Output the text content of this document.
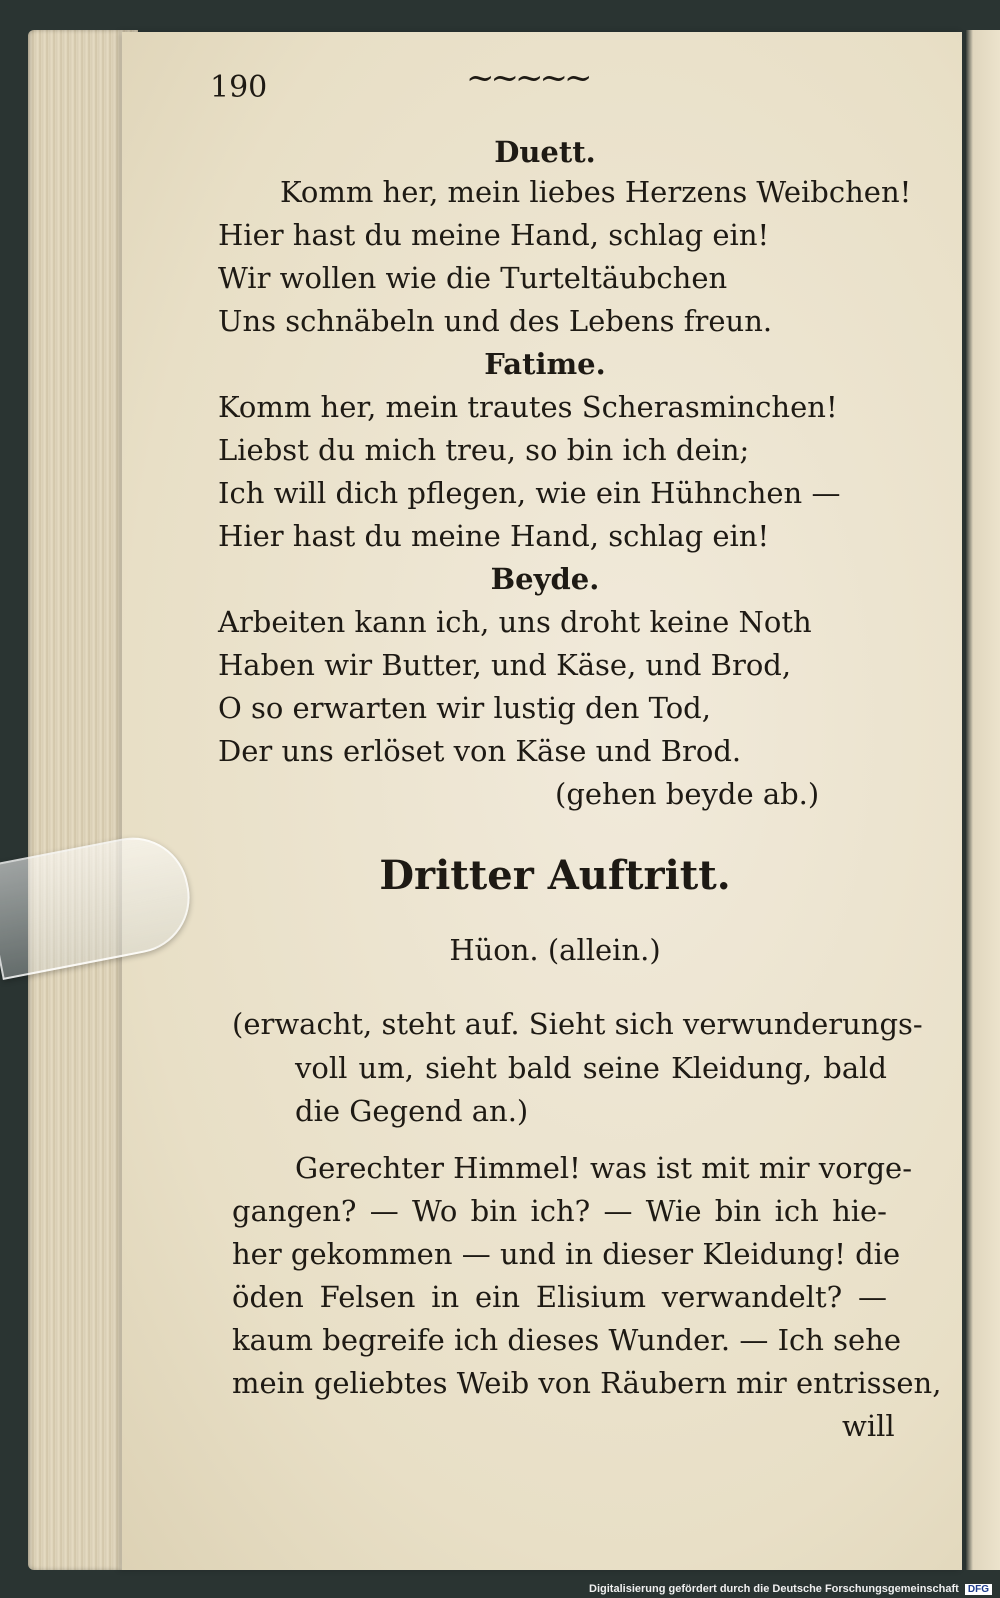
190	~~~~~

Duett.

Komm her, mein liebes Herzens Weibchen!

Hier hast du meine Hand, schlag ein!

Wir wollen wie die Turteltäubchen

Uns schnäbeln und des Lebens freun.

Fatime.

Komm her, mein trautes Scherasminchen!

Liebst du mich treu, so bin ich dein;

Ich will dich pflegen, wie ein Hühnchen —

Hier hast du meine Hand, schlag ein!

Beyde.

Arbeiten kann ich, uns droht keine Noth

Haben wir Butter, und Käse, und Brod,

O so erwarten wir lustig den Tod,

Der uns erlöset von Käse und Brod.

(gehen beyde ab.)

Dritter Auftritt.

Hüon. (allein.)

(erwacht, steht auf. Sieht sich verwunderungs-

voll um, sieht bald seine Kleidung, bald

die Gegend an.)

Gerechter Himmel! was ist mit mir vorge-

gangen? — Wo bin ich? — Wie bin ich hie-

her gekommen — und in dieser Kleidung! die

öden Felsen in ein Elisium verwandelt? —

kaum begreife ich dieses Wunder. — Ich sehe

mein geliebtes Weib von Räubern mir entrissen,

will

Digitalisierung gefördert durch die Deutsche Forschungsgemeinschaft DFG
